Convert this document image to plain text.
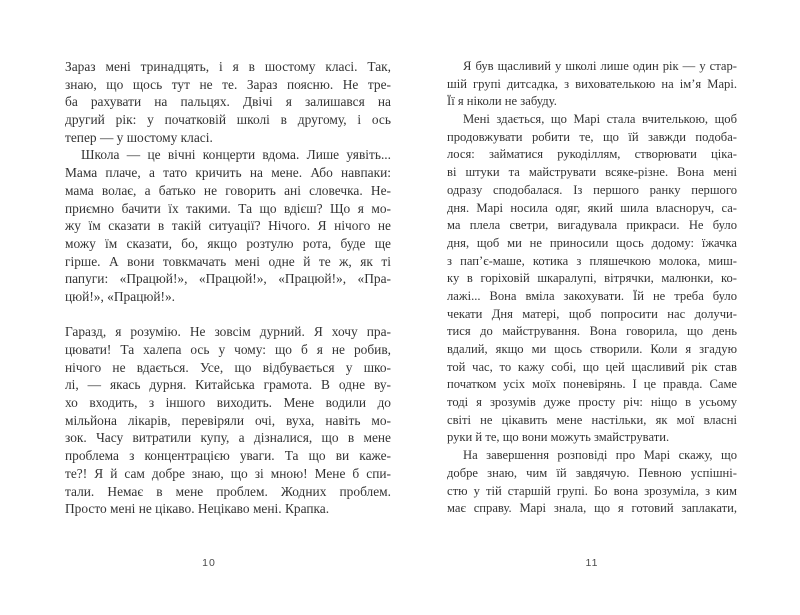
Зараз мені тринадцять, і я в шостому класі. Так,
знаю, що щось тут не те. Зараз поясню. Не тре-
ба рахувати на пальцях. Двічі я залишався на
другий рік: у початковій школі в другому, і ось
тепер — у шостому класі.
Школа — це вічні концерти вдома. Лише уявіть...
Мама плаче, а тато кричить на мене. Або навпаки:
мама волає, а батько не говорить ані словечка. Не-
приємно бачити їх такими. Та що вдієш? Що я мо-
жу їм сказати в такій ситуації? Нічого. Я нічого не
можу їм сказати, бо, якщо розтулю рота, буде ще
гірше. А вони товкмачать мені одне й те ж, як ті
папуги: «Працюй!», «Працюй!», «Працюй!», «Пра-
цюй!», «Працюй!».
Гаразд, я розумію. Не зовсім дурний. Я хочу пра-
цювати! Та халепа ось у чому: що б я не робив,
нічого не вдається. Усе, що відбувається у шко-
лі, — якась дурня. Китайська грамота. В одне ву-
хо входить, з іншого виходить. Мене водили до
мільйона лікарів, перевіряли очі, вуха, навіть мо-
зок. Часу витратили купу, а дізналися, що в мене
проблема з концентрацією уваги. Та що ви каже-
те?! Я й сам добре знаю, що зі мною! Мене б спи-
тали. Немає в мене проблем. Жодних проблем.
Просто мені не цікаво. Нецікаво мені. Крапка.
10
Я був щасливий у школі лише один рік — у стар-
шій групі дитсадка, з вихователькою на ім’я Марі.
Її я ніколи не забуду.
Мені здається, що Марі стала вчителькою, щоб
продовжувати робити те, що їй завжди подоба-
лося: займатися рукоділлям, створювати ціка-
ві штуки та майструвати всяке-різне. Вона мені
одразу сподобалася. Із першого ранку першого
дня. Марі носила одяг, який шила власноруч, са-
ма плела светри, вигадувала прикраси. Не було
дня, щоб ми не приносили щось додому: їжачка
з пап’є-маше, котика з пляшечкою молока, миш-
ку в горіховій шкаралупі, вітрячки, малюнки, ко-
лажі... Вона вміла закохувати. Їй не треба було
чекати Дня матері, щоб попросити нас долучи-
тися до майстрування. Вона говорила, що день
вдалий, якщо ми щось створили. Коли я згадую
той час, то кажу собі, що цей щасливий рік став
початком усіх моїх поневірянь. І це правда. Саме
тоді я зрозумів дуже просту річ: ніщо в усьому
світі не цікавить мене настільки, як мої власні
руки й те, що вони можуть змайструвати.
На завершення розповіді про Марі скажу, що
добре знаю, чим їй завдячую. Певною успішні-
стю у тій старшій групі. Бо вона зрозуміла, з ким
має справу. Марі знала, що я готовий заплакати,
11
